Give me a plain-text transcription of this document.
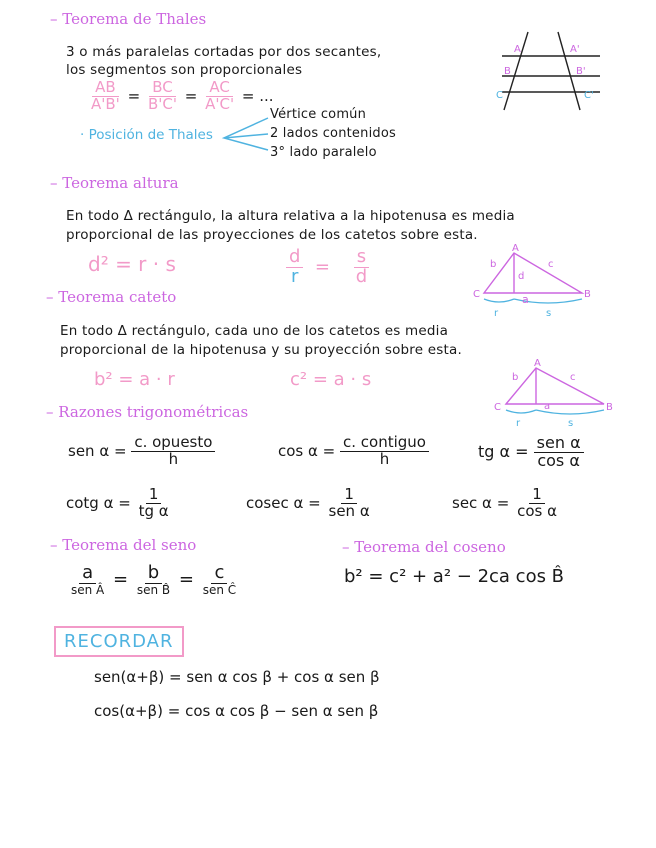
– Teorema de Thales
3 o más paralelas cortadas por dos secantes,
los segmentos son proporcionales
$\frac{AB}{A'B'} = \frac{BC}{B'C'} = \frac{AC}{A'C'}$ = ...
· Posición de Thales
Vértice común
2 lados contenidos
3° lado paralelo
A	A'
B	B'
C	C'
– Teorema altura
En todo Δ rectángulo, la altura relativa a la hipotenusa es media
proporcional de las proyecciones de los catetos sobre esta.
d² = r · s	$\frac{d}{r} = \frac{s}{d}$	A
B
C
b	c
d
a
r	s
– Teorema cateto
En todo Δ rectángulo, cada uno de los catetos es media
proporcional de la hipotenusa y su proyección sobre esta.
b² = a · r	c² = a · s
A
B
C
b	c
a
r	s
– Razones trigonométricas
sen $\alpha = \frac{\text{c. opuesto}}{h}$	$\cos \alpha = \frac{\text{c. contiguo}}{h}$	tg $\alpha = \frac{\text{sen α}}{\text{cos α}}$
cotg $\alpha = \frac{1}{\text{tg α}}$	cosec $\alpha = \frac{1}{\text{sen α}}$	$\sec \alpha = \frac{1}{\text{cos α}}$
– Teorema del seno	– Teorema del coseno
$\frac{a}{\text{sen Â}} = \frac{b}{\text{sen B̂}} = \frac{c}{\text{sen Ĉ}}$	b² = c² + a² − 2ca cos B̂
RECORDAR
sen(α+β) = sen α cos β + cos α sen β
cos(α+β) = cos α cos β − sen α sen β
